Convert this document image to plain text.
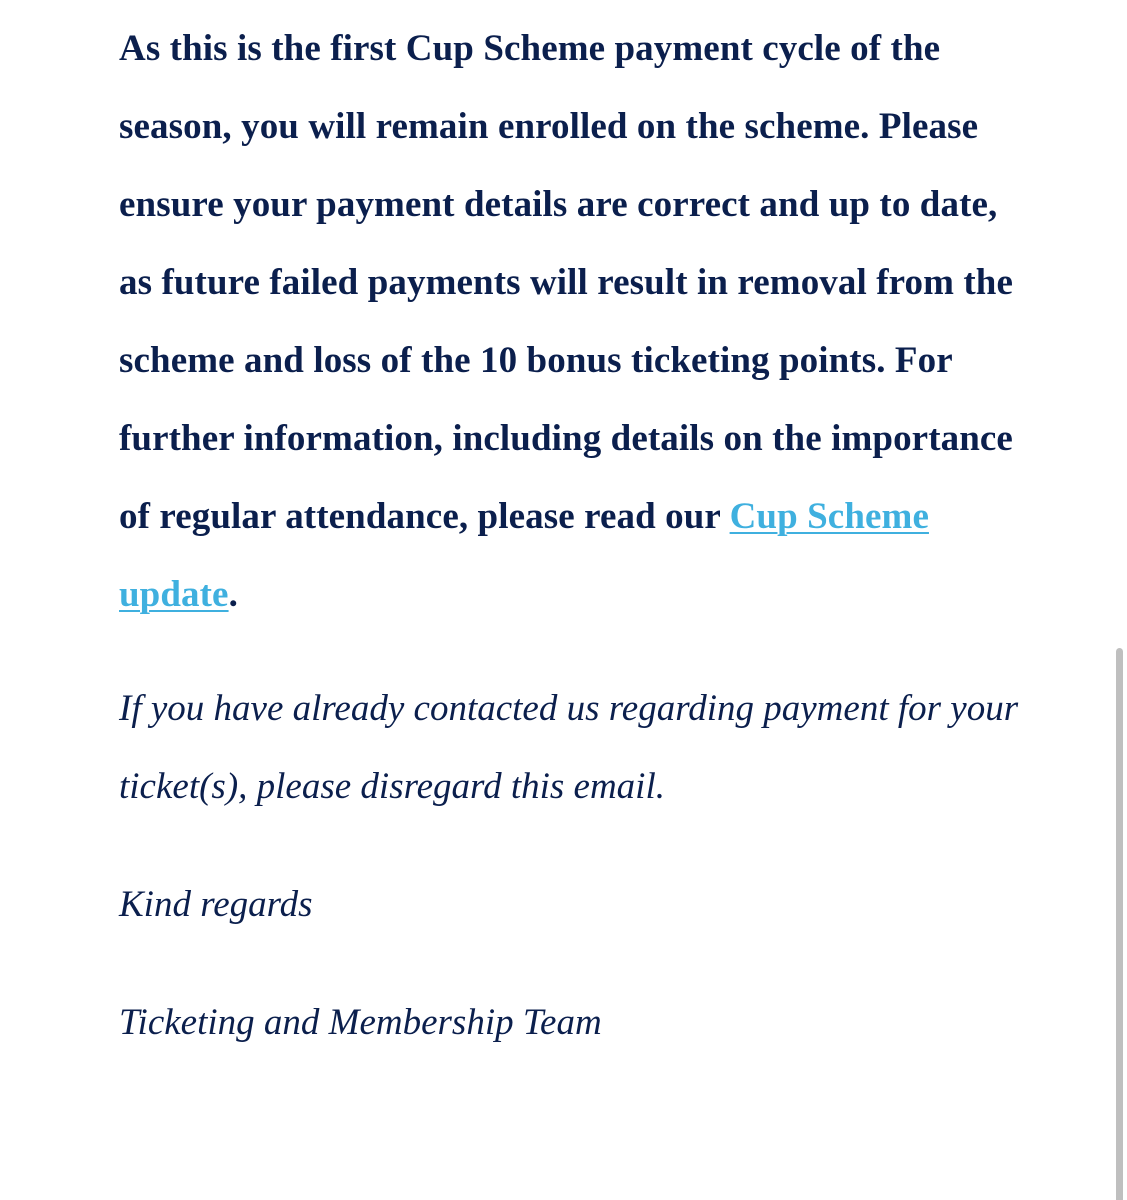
As this is the first Cup Scheme payment cycle of the season, you will remain enrolled on the scheme. Please ensure your payment details are correct and up to date, as future failed payments will result in removal from the scheme and loss of the 10 bonus ticketing points. For further information, including details on the importance of regular attendance, please read our Cup Scheme update.

If you have already contacted us regarding payment for your ticket(s), please disregard this email.

Kind regards

Ticketing and Membership Team
